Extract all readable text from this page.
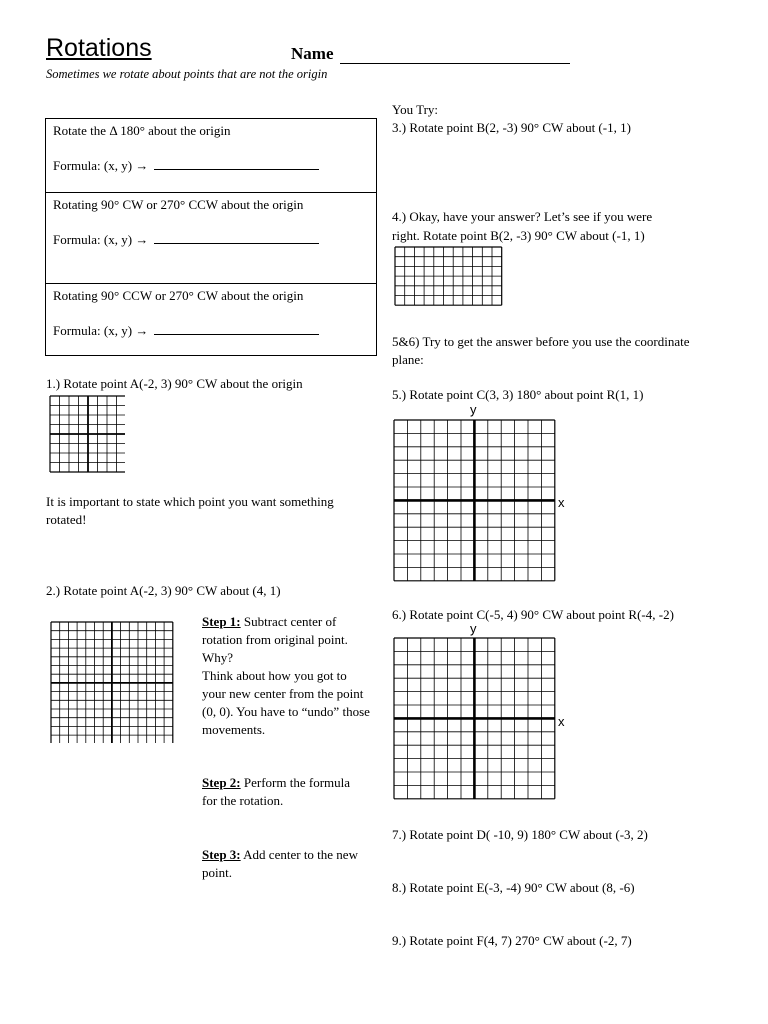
Rotations	Name
Sometimes we rotate about points that are not the origin
Rotate the Δ 180° about the origin
Formula: (x, y) →
Rotating 90° CW or 270° CCW about the origin
Formula: (x, y) →
Rotating 90° CCW or 270° CW about the origin
Formula: (x, y) →
1.) Rotate point A(-2, 3) 90° CW about the origin
It is important to state which point you want something rotated!
2.) Rotate point A(-2, 3) 90° CW about (4, 1)
Step 1: Subtract center of rotation from original point. Why?
Think about how you got to your new center from the point (0, 0). You have to “undo” those movements.
Step 2: Perform the formula for the rotation.
Step 3: Add center to the new point.
You Try:
3.) Rotate point B(2, -3) 90° CW about (-1, 1)
4.) Okay, have your answer? Let’s see if you were
right. Rotate point B(2, -3) 90° CW about (-1, 1)
5&6) Try to get the answer before you use the coordinate plane:
5.) Rotate point C(3, 3) 180° about point R(1, 1)
y
x
6.) Rotate point C(-5, 4) 90° CW about point R(-4, -2)
y
x
7.) Rotate point D( -10, 9) 180° CW about (-3, 2)
8.) Rotate point E(-3, -4) 90° CW about (8, -6)
9.) Rotate point F(4, 7) 270° CW about (-2, 7)
